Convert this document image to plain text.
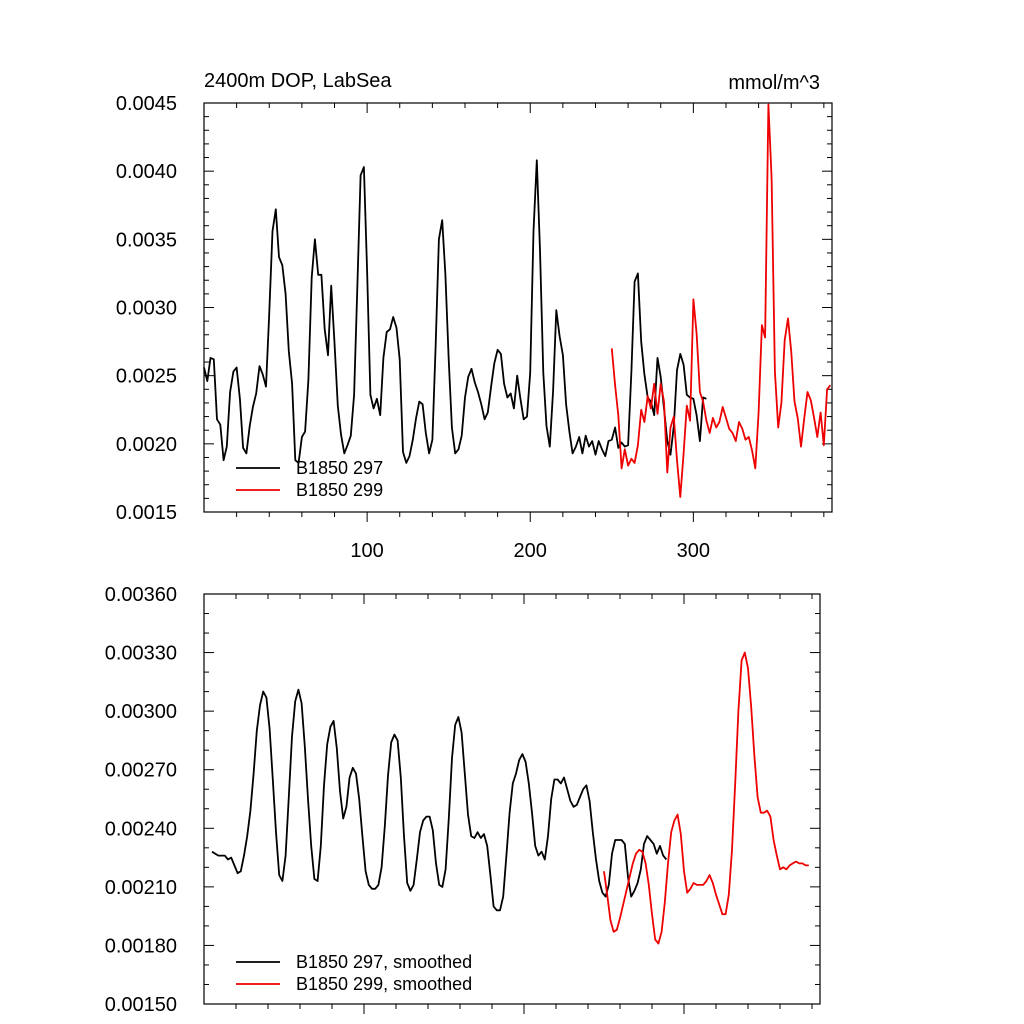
2400m DOP, LabSea	mmol/m^3
0.0015
0.0020
0.0025
0.0030
0.0035
0.0040
0.0045
100	200	300
B1850 297
B1850 299
0.00150
0.00180
0.00210
0.00240
0.00270
0.00300
0.00330
0.00360
B1850 297, smoothed
B1850 299, smoothed
